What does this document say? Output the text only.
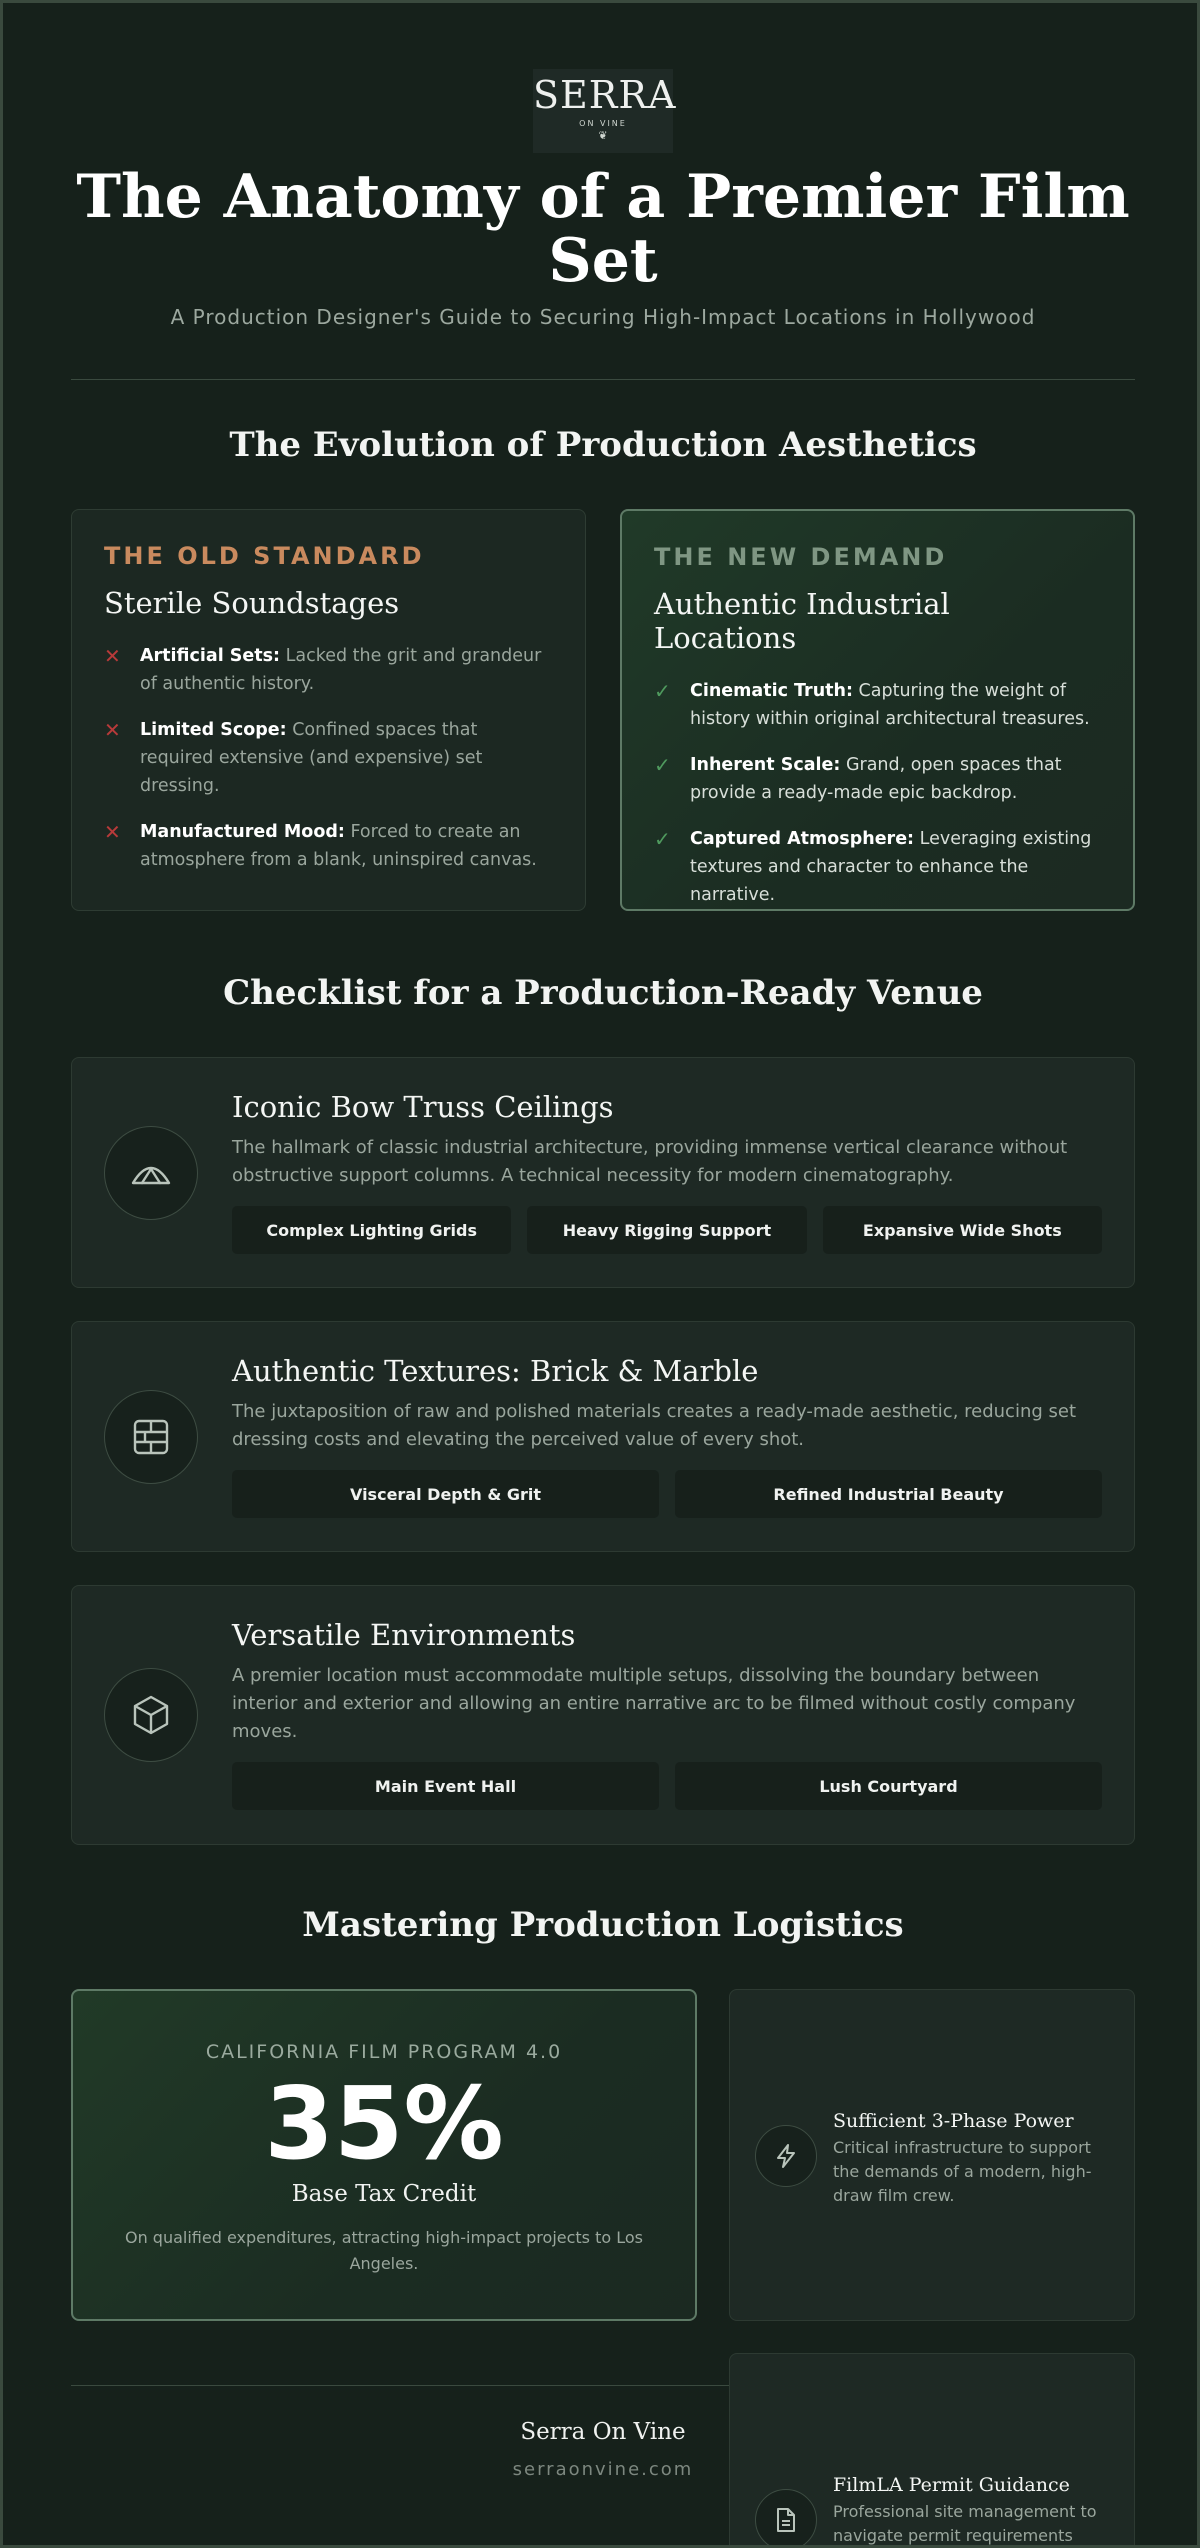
SERRA
ON VINE
❦
The Anatomy of a Premier Film Set

A Production Designer's Guide to Securing High-Impact Locations in Hollywood

The Evolution of Production Aesthetics
THE OLD STANDARD
Sterile Soundstages
✕	Artificial Sets: Lacked the grit and grandeur of authentic history.
✕	Limited Scope: Confined spaces that required extensive (and expensive) set dressing.
✕	Manufactured Mood: Forced to create an atmosphere from a blank, uninspired canvas.
THE NEW DEMAND
Authentic Industrial Locations
✓	Cinematic Truth: Capturing the weight of history within original architectural treasures.
✓	Inherent Scale: Grand, open spaces that provide a ready-made epic backdrop.
✓	Captured Atmosphere: Leveraging existing textures and character to enhance the narrative.
Checklist for a Production-Ready Venue
Iconic Bow Truss Ceilings
The hallmark of classic industrial architecture, providing immense vertical clearance without obstructive support columns. A technical necessity for modern cinematography.
Complex Lighting Grids	Heavy Rigging Support	Expansive Wide Shots
Authentic Textures: Brick & Marble
The juxtaposition of raw and polished materials creates a ready-made aesthetic, reducing set dressing costs and elevating the perceived value of every shot.
Visceral Depth & Grit	Refined Industrial Beauty
Versatile Environments
A premier location must accommodate multiple setups, dissolving the boundary between interior and exterior and allowing an entire narrative arc to be filmed without costly company moves.
Main Event Hall	Lush Courtyard
Mastering Production Logistics
CALIFORNIA FILM PROGRAM 4.0
35%
Base Tax Credit
On qualified expenditures, attracting high-impact projects to Los Angeles.
Sufficient 3-Phase Power
Critical infrastructure to support the demands of a modern, high-draw film crew.
FilmLA Permit Guidance
Professional site management to navigate permit requirements
Serra On Vine
serraonvine.com
